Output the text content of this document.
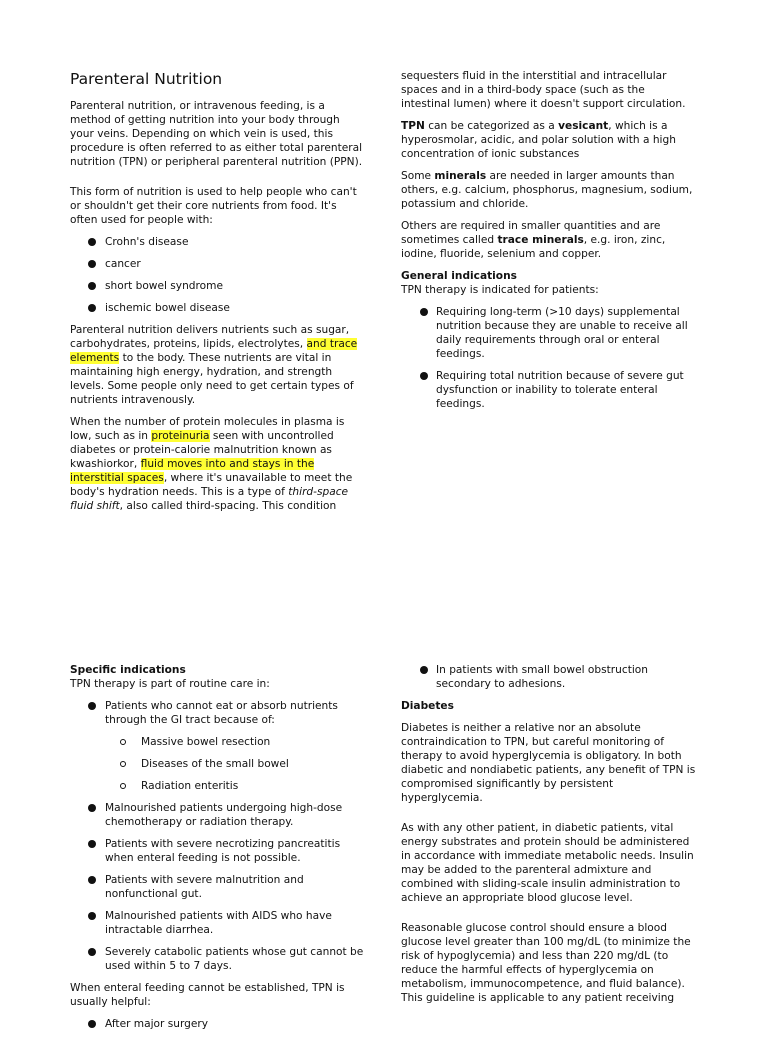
Parenteral Nutrition

Parenteral nutrition, or intravenous feeding, is a method of getting nutrition into your body through your veins. Depending on which vein is used, this procedure is often referred to as either total parenteral nutrition (TPN) or peripheral parenteral nutrition (PPN).

This form of nutrition is used to help people who can't or shouldn't get their core nutrients from food. It's often used for people with:

Crohn's disease
cancer
short bowel syndrome
ischemic bowel disease

Parenteral nutrition delivers nutrients such as sugar, carbohydrates, proteins, lipids, electrolytes, and trace elements to the body. These nutrients are vital in maintaining high energy, hydration, and strength levels. Some people only need to get certain types of nutrients intravenously.

When the number of protein molecules in plasma is low, such as in proteinuria seen with uncontrolled diabetes or protein-calorie malnutrition known as kwashiorkor, fluid moves into and stays in the interstitial spaces, where it's unavailable to meet the body's hydration needs. This is a type of third-space fluid shift, also called third-spacing. This condition

sequesters fluid in the interstitial and intracellular spaces and in a third-body space (such as the intestinal lumen) where it doesn't support circulation.

TPN can be categorized as a vesicant, which is a hyperosmolar, acidic, and polar solution with a high concentration of ionic substances

Some minerals are needed in larger amounts than others, e.g. calcium, phosphorus, magnesium, sodium, potassium and chloride.

Others are required in smaller quantities and are sometimes called trace minerals, e.g. iron, zinc, iodine, fluoride, selenium and copper.

General indications

TPN therapy is indicated for patients:

Requiring long-term (>10 days) supplemental nutrition because they are unable to receive all daily requirements through oral or enteral feedings.
Requiring total nutrition because of severe gut dysfunction or inability to tolerate enteral feedings.
Specific indications

TPN therapy is part of routine care in:

Patients who cannot eat or absorb nutrients through the GI tract because of:
Massive bowel resection
Diseases of the small bowel
Radiation enteritis
Malnourished patients undergoing high-dose chemotherapy or radiation therapy.
Patients with severe necrotizing pancreatitis when enteral feeding is not possible.
Patients with severe malnutrition and nonfunctional gut.
Malnourished patients with AIDS who have intractable diarrhea.
Severely catabolic patients whose gut cannot be used within 5 to 7 days.

When enteral feeding cannot be established, TPN is usually helpful:

After major surgery
In patients with small bowel obstruction secondary to adhesions.

Diabetes

Diabetes is neither a relative nor an absolute contraindication to TPN, but careful monitoring of therapy to avoid hyperglycemia is obligatory. In both diabetic and nondiabetic patients, any benefit of TPN is compromised significantly by persistent hyperglycemia.

As with any other patient, in diabetic patients, vital energy substrates and protein should be administered in accordance with immediate metabolic needs. Insulin may be added to the parenteral admixture and combined with sliding-scale insulin administration to achieve an appropriate blood glucose level.

Reasonable glucose control should ensure a blood glucose level greater than 100 mg/dL (to minimize the risk of hypoglycemia) and less than 220 mg/dL (to reduce the harmful effects of hyperglycemia on metabolism, immunocompetence, and fluid balance). This guideline is applicable to any patient receiving
